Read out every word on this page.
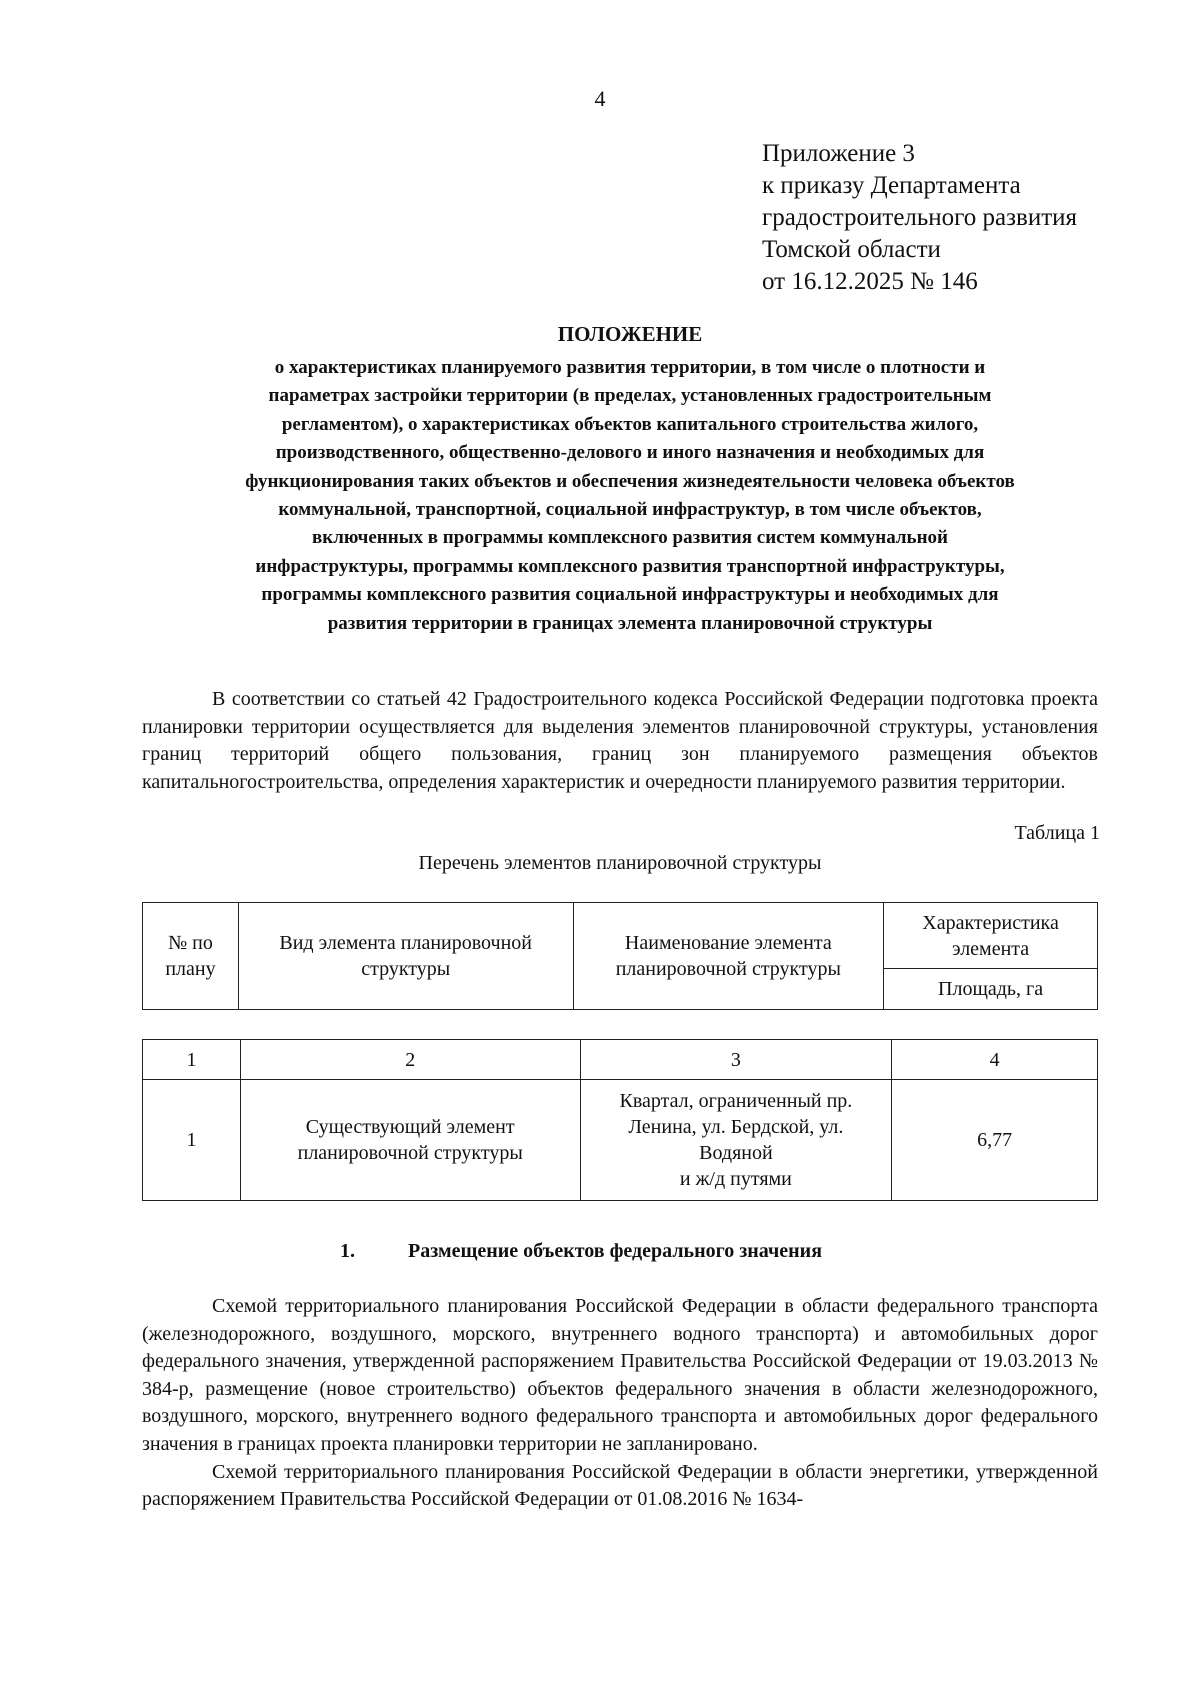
4
Приложение 3
к приказу Департамента
градостроительного развития
Томской области
от 16.12.2025 № 146
ПОЛОЖЕНИЕ
о характеристиках планируемого развития территории, в том числе о плотности и
параметрах застройки территории (в пределах, установленных градостроительным
регламентом), о характеристиках объектов капитального строительства жилого,
производственного, общественно-делового и иного назначения и необходимых для
функционирования таких объектов и обеспечения жизнедеятельности человека объектов
коммунальной, транспортной, социальной инфраструктур, в том числе объектов,
включенных в программы комплексного развития систем коммунальной
инфраструктуры, программы комплексного развития транспортной инфраструктуры,
программы комплексного развития социальной инфраструктуры и необходимых для
развития территории в границах элемента планировочной структуры
В соответствии со статьей 42 Градостроительного кодекса Российской Федерации подготовка проекта планировки территории осуществляется для выделения элементов планировочной структуры, установления границ территорий общего пользования, границ зон планируемого размещения объектов капитальногостроительства, определения характеристик и очередности планируемого развития территории.
Таблица 1
Перечень элементов планировочной структуры
№ по плану	Вид элемента планировочной структуры	Наименование элемента планировочной структуры	Характеристика элемента
Площадь, га
1	2	3	4
1	Существующий элемент планировочной структуры	Квартал, ограниченный пр.
Ленина, ул. Бердской, ул.
Водяной
и ж/д путями	6,77
1.	Размещение объектов федерального значения
Схемой территориального планирования Российской Федерации в области федерального транспорта (железнодорожного, воздушного, морского, внутреннего водного транспорта) и автомобильных дорог федерального значения, утвержденной распоряжением Правительства Российской Федерации от 19.03.2013 № 384-р, размещение (новое строительство) объектов федерального значения в области железнодорожного, воздушного, морского, внутреннего водного федерального транспорта и автомобильных дорог федерального значения в границах проекта планировки территории не запланировано.
Схемой территориального планирования Российской Федерации в области энергетики, утвержденной распоряжением Правительства Российской Федерации от 01.08.2016 № 1634-
